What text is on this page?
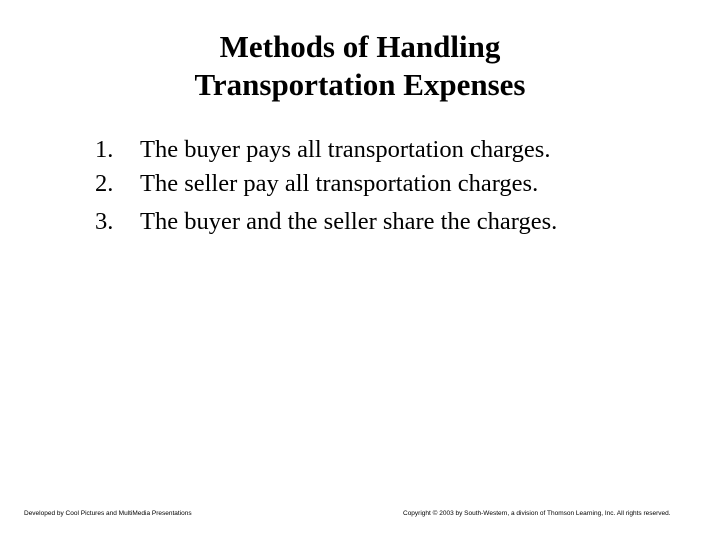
Methods of Handling
Transportation Expenses
1.	The buyer pays all transportation charges.
2.	The seller pay all transportation charges.
3.	The buyer and the seller share the charges.
Developed by Cool Pictures and MultiMedia Presentations	Copyright © 2003 by South-Western, a division of Thomson Learning, Inc. All rights reserved.
